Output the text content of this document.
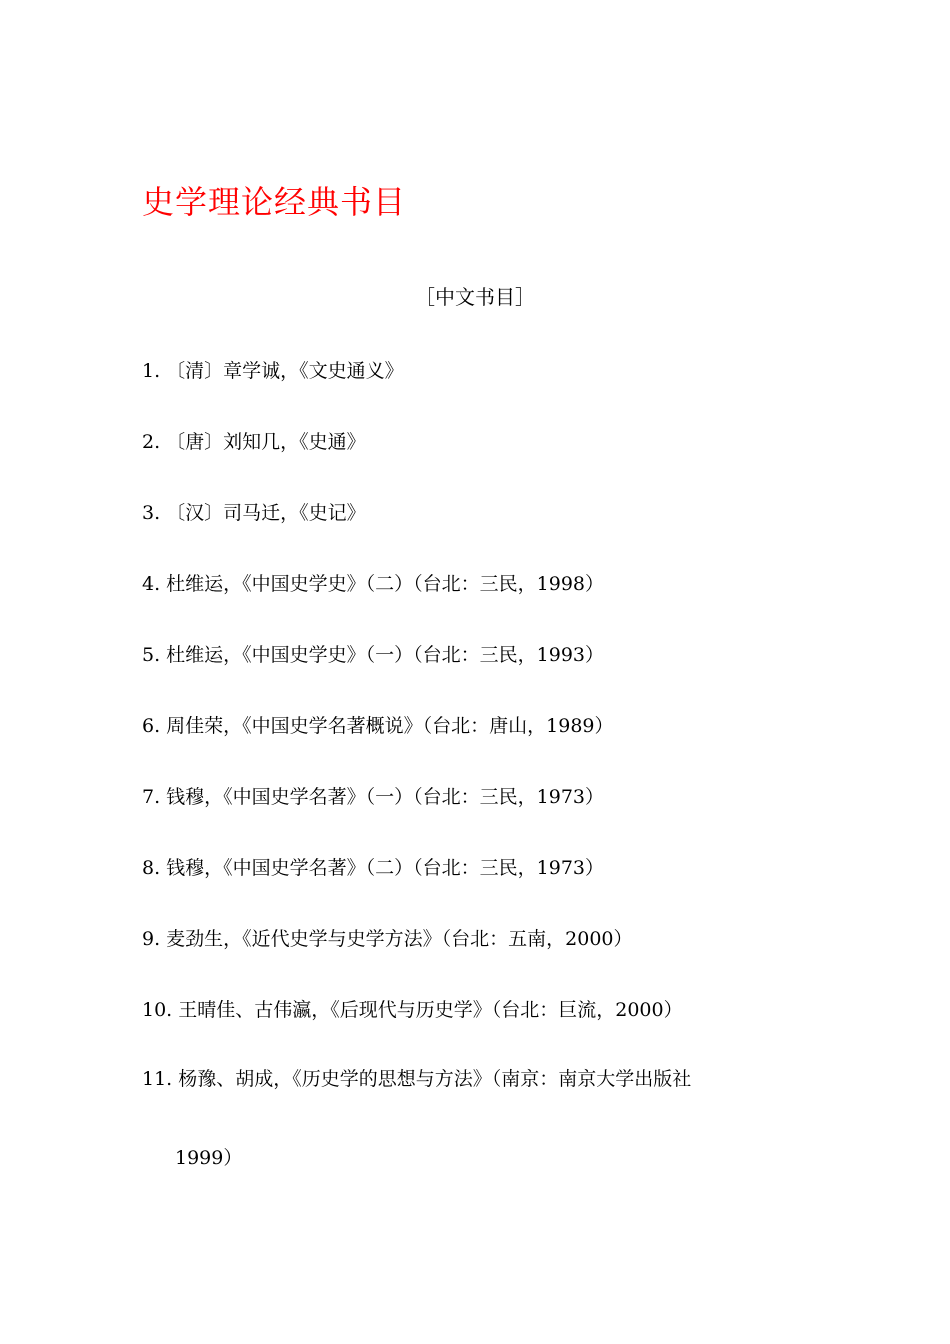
史学理论经典书目
［中文书目］
1. 〔清〕章学诚，《文史通义》
2. 〔唐〕刘知几，《史通》
3. 〔汉〕司马迁，《史记》
4. 杜维运，《中国史学史》（二）（台北：三民，1998）
5. 杜维运，《中国史学史》（一）（台北：三民，1993）
6. 周佳荣，《中国史学名著概说》（台北：唐山，1989）
7. 钱穆，《中国史学名著》（一）（台北：三民，1973）
8. 钱穆，《中国史学名著》（二）（台北：三民，1973）
9. 麦劲生，《近代史学与史学方法》（台北：五南，2000）
10. 王晴佳、古伟瀛，《后现代与历史学》（台北：巨流，2000）
11. 杨豫、胡成，《历史学的思想与方法》（南京：南京大学出版社
1999）
